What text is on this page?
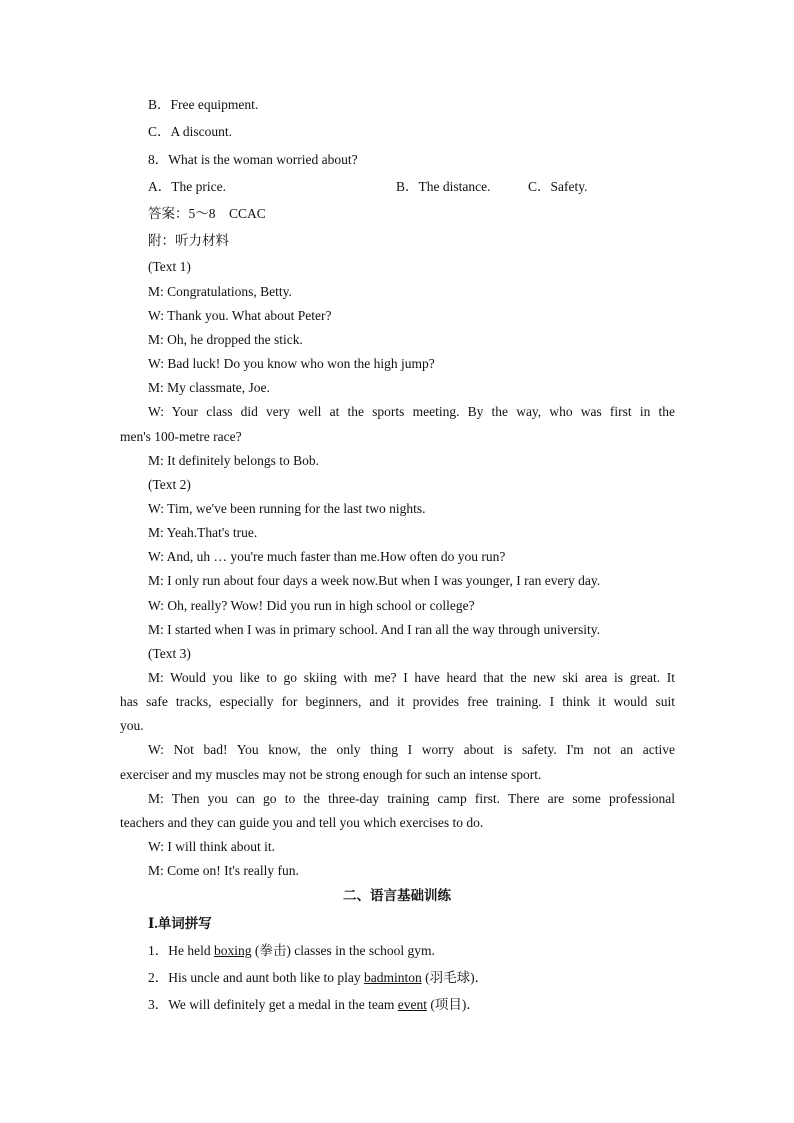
B．Free equipment.
C．A discount.
8．What is the woman worried about?
A．The price.	B．The distance.	C．Safety.
答案：5～8　CCAC
附：听力材料
(Text 1)
M: Congratulations, Betty.
W: Thank you. What about Peter?
M: Oh, he dropped the stick.
W: Bad luck! Do you know who won the high jump?
M: My classmate, Joe.
W: Your class did very well at the sports meeting. By the way, who was first in the
men's 100-metre race?
M: It definitely belongs to Bob.
(Text 2)
W: Tim, we've been running for the last two nights.
M: Yeah.That's true.
W: And, uh … you're much faster than me.How often do you run?
M: I only run about four days a week now.But when I was younger, I ran every day.
W: Oh, really? Wow! Did you run in high school or college?
M: I started when I was in primary school. And I ran all the way through university.
(Text 3)
M: Would you like to go skiing with me? I have heard that the new ski area is great. It
has safe tracks, especially for beginners, and it provides free training. I think it would suit
you.
W: Not bad! You know, the only thing I worry about is safety. I'm not an active
exerciser and my muscles may not be strong enough for such an intense sport.
M: Then you can go to the three-day training camp first. There are some professional
teachers and they can guide you and tell you which exercises to do.
W: I will think about it.
M: Come on! It's really fun.
二、语言基础训练
Ⅰ.单词拼写
1．He held boxing (拳击) classes in the school gym.
2．His uncle and aunt both like to play badminton (羽毛球)．
3．We will definitely get a medal in the team event (项目)．
